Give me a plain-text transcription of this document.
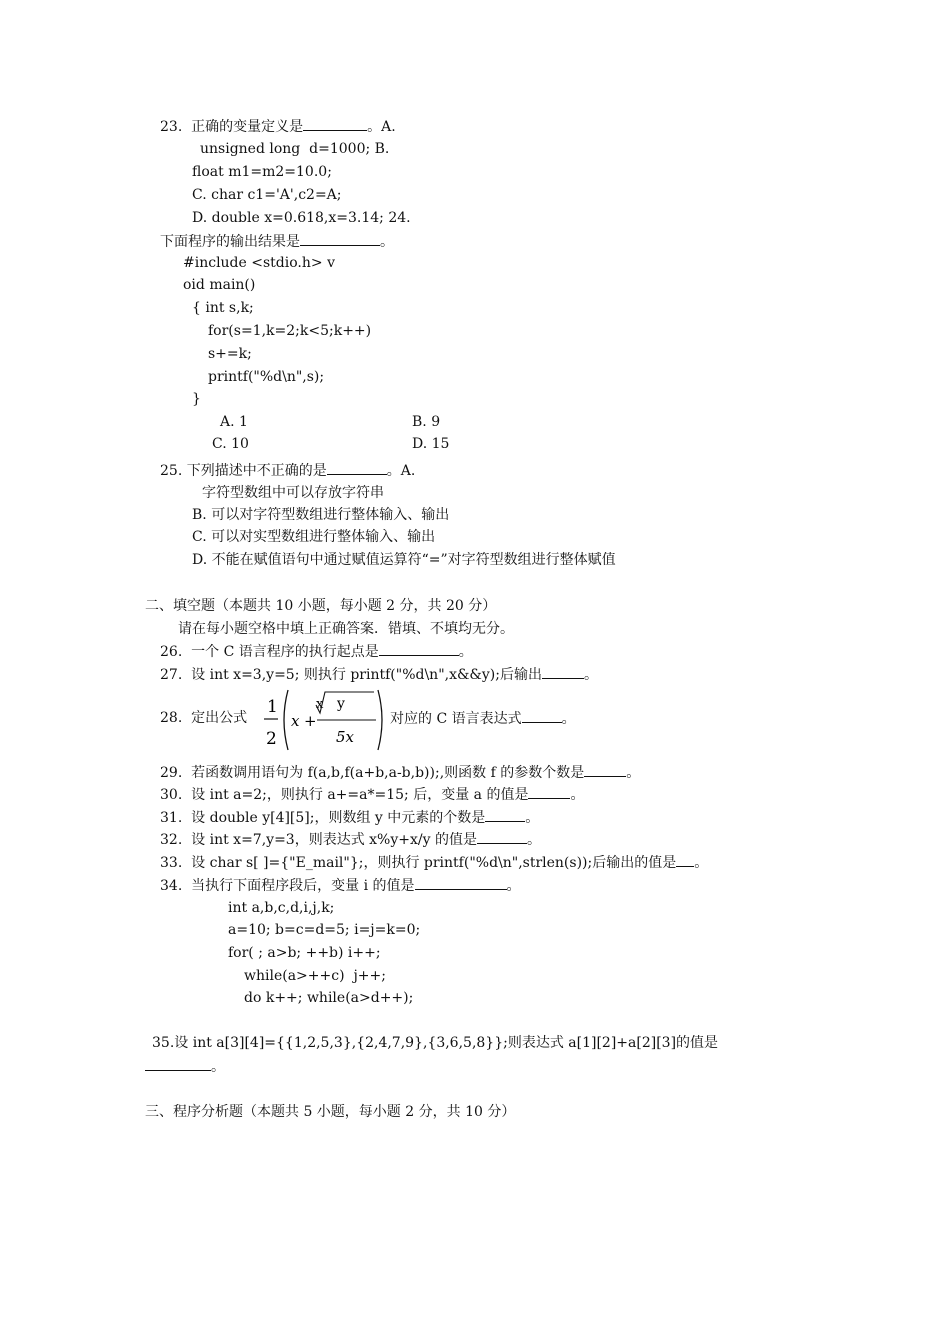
23.  正确的变量定义是	。A.
unsigned long  d=1000; B.
float m1=m2=10.0;
C. char c1='A',c2=A;
D. double x=0.618,x=3.14; 24.
下面程序的输出结果是	。
#include <stdio.h> v
oid main()
{ int s,k;
for(s=1,k=2;k<5;k++)
s+=k;
printf("%d\n",s);
}
A. 1	B. 9
C. 10	D. 15
25. 下列描述中不正确的是	。A.
字符型数组中可以存放字符串
B. 可以对字符型数组进行整体输入、输出
C. 可以对实型数组进行整体输入、输出
D. 不能在赋值语句中通过赋值运算符“=”对字符型数组进行整体赋值
二、填空题（本题共 10 小题，每小题 2 分，共 20 分）
请在每小题空格中填上正确答案．错填、不填均无分。
26.  一个 C 语言程序的执行起点是	。
27.  设 int x=3,y=5; 则执行 printf("%d\n",x&&y);后输出	。
28.  定出公式
1
2
x +
x y
5x
对应的 C 语言表达式	。
29.  若函数调用语句为 f(a,b,f(a+b,a-b,b));,则函数 f 的参数个数是	。
30.  设 int a=2;，则执行 a+=a*=15; 后，变量 a 的值是	。
31.  设 double y[4][5];，则数组 y 中元素的个数是	。
32.  设 int x=7,y=3，则表达式 x%y+x/y 的值是	。
33.  设 char s[ ]={"E_mail"};，则执行 printf("%d\n",strlen(s));后输出的值是 。
34.  当执行下面程序段后，变量 i 的值是	。
int a,b,c,d,i,j,k;
a=10; b=c=d=5; i=j=k=0;
for( ; a>b; ++b) i++;
while(a>++c)  j++;
do k++; while(a>d++);
35.设 int a[3][4]={{1,2,5,3},{2,4,7,9},{3,6,5,8}};则表达式 a[1][2]+a[2][3]的值是
。
三、程序分析题（本题共 5 小题，每小题 2 分，共 10 分）
